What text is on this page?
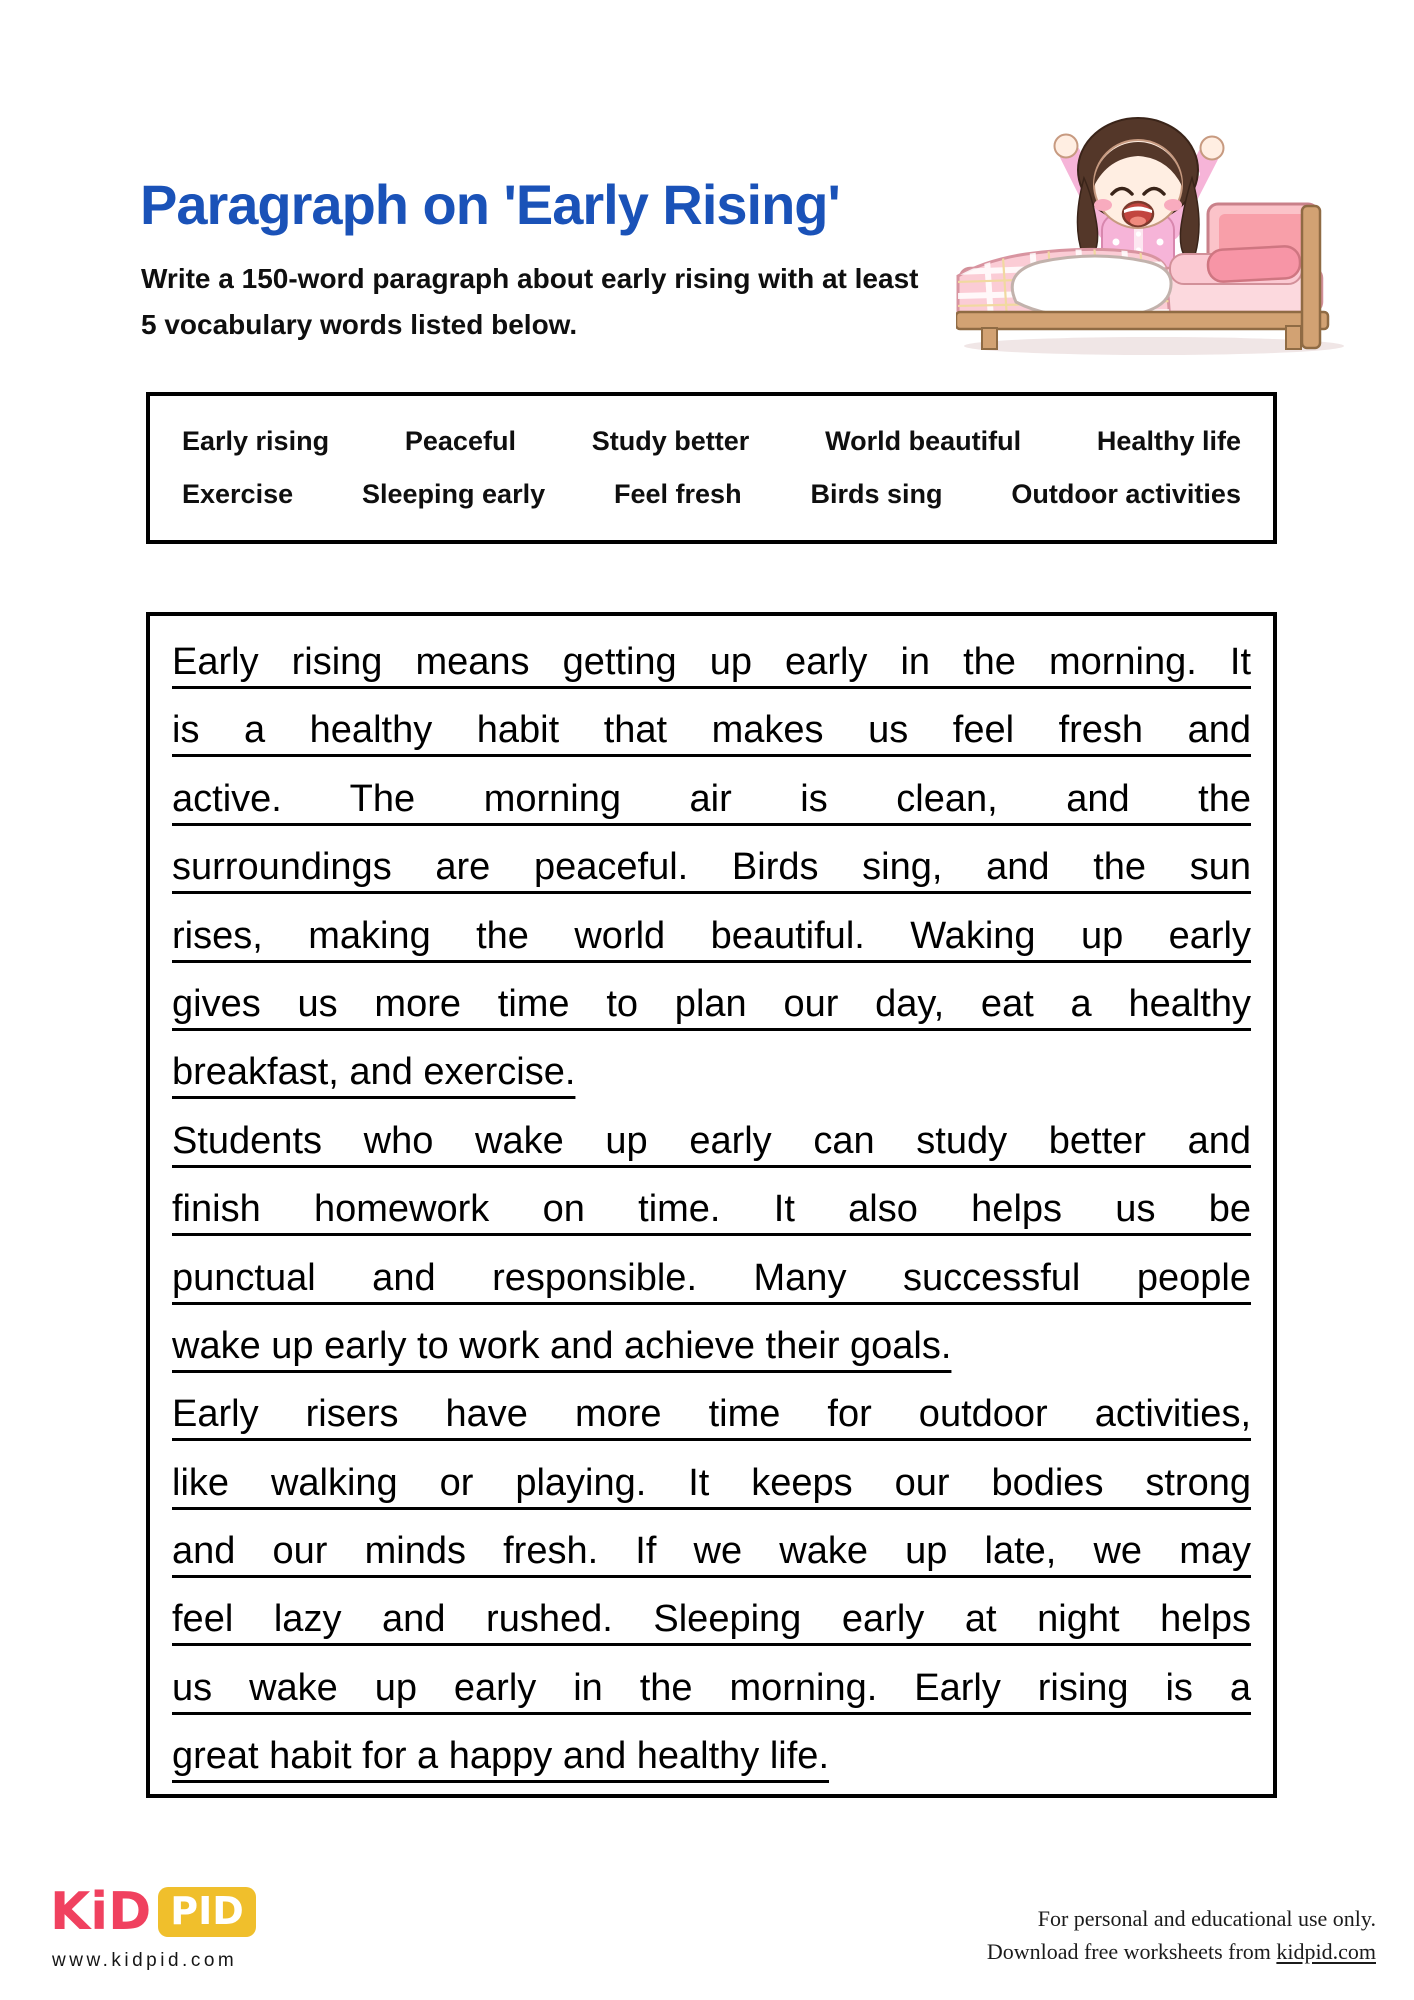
Paragraph on 'Early Rising'

Write a 150-word paragraph about early rising with at least
5 vocabulary words listed below.

Early rising	Peaceful	Study better	World beautiful	Healthy life
Exercise	Sleeping early	Feel fresh	Birds sing	Outdoor activities
Early rising means getting up early in the morning. It
is a healthy habit that makes us feel fresh and
active. The morning air is clean, and the
surroundings are peaceful. Birds sing, and the sun
rises, making the world beautiful. Waking up early
gives us more time to plan our day, eat a healthy
breakfast, and exercise.
Students who wake up early can study better and
finish homework on time. It also helps us be
punctual and responsible. Many successful people
wake up early to work and achieve their goals.
Early risers have more time for outdoor activities,
like walking or playing. It keeps our bodies strong
and our minds fresh. If we wake up late, we may
feel lazy and rushed. Sleeping early at night helps
us wake up early in the morning. Early rising is a
great habit for a happy and healthy life.
KiD PID
www.kidpid.com
For personal and educational use only.
Download free worksheets from kidpid.com
